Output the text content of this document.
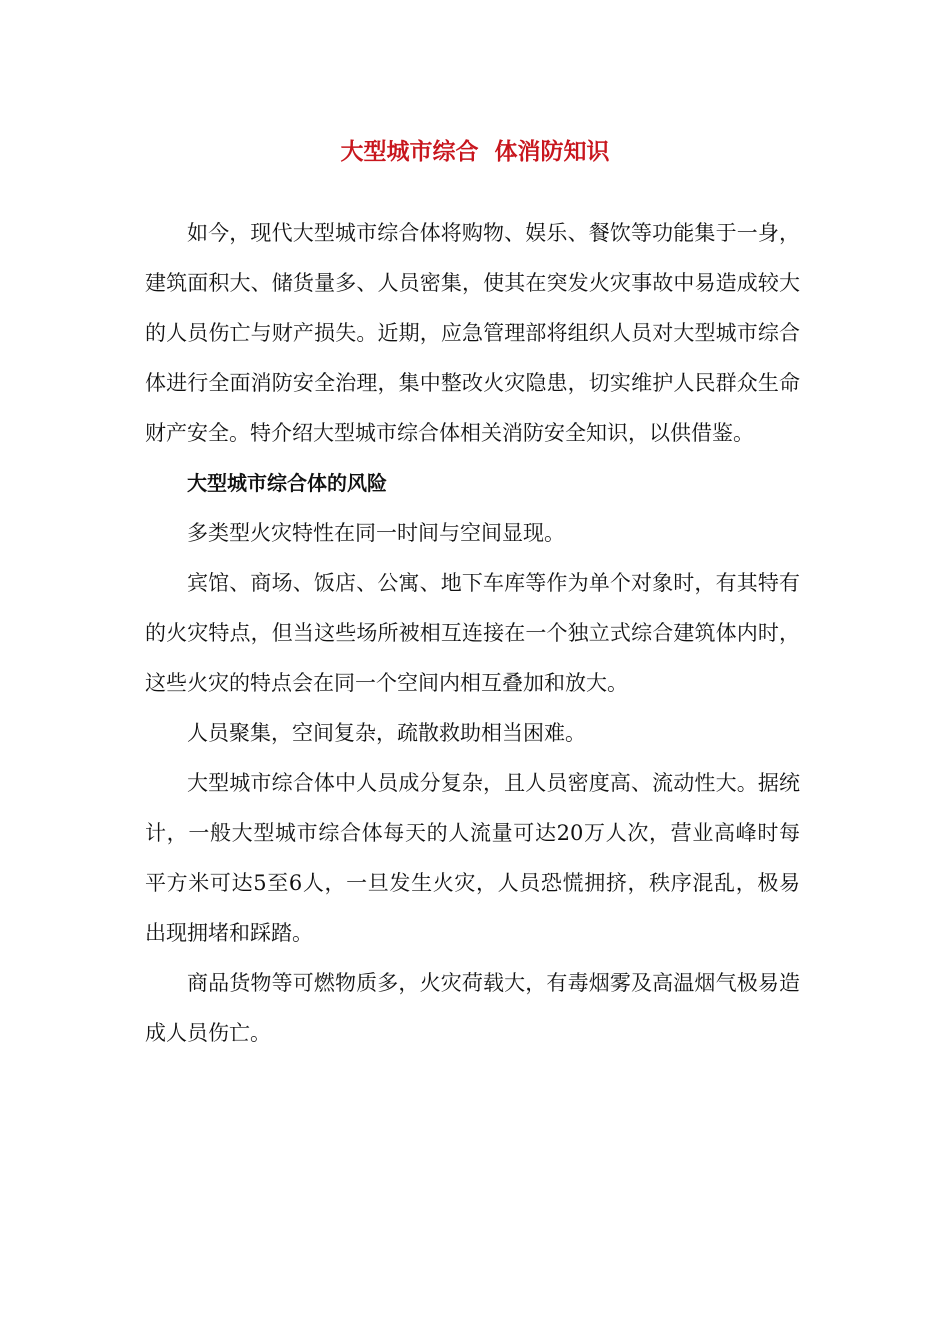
大型城市综合  体消防知识

如今，现代大型城市综合体将购物、娱乐、餐饮等功能集于一身，建筑面积大、储货量多、人员密集，使其在突发火灾事故中易造成较大的人员伤亡与财产损失。近期，应急管理部将组织人员对大型城市综合体进行全面消防安全治理，集中整改火灾隐患，切实维护人民群众生命财产安全。特介绍大型城市综合体相关消防安全知识，以供借鉴。

大型城市综合体的风险

多类型火灾特性在同一时间与空间显现。

宾馆、商场、饭店、公寓、地下车库等作为单个对象时，有其特有的火灾特点，但当这些场所被相互连接在一个独立式综合建筑体内时，这些火灾的特点会在同一个空间内相互叠加和放大。

人员聚集，空间复杂，疏散救助相当困难。

大型城市综合体中人员成分复杂，且人员密度高、流动性大。据统计，一般大型城市综合体每天的人流量可达20万人次，营业高峰时每平方米可达5至6人，一旦发生火灾，人员恐慌拥挤，秩序混乱，极易出现拥堵和踩踏。

商品货物等可燃物质多，火灾荷载大，有毒烟雾及高温烟气极易造成人员伤亡。
